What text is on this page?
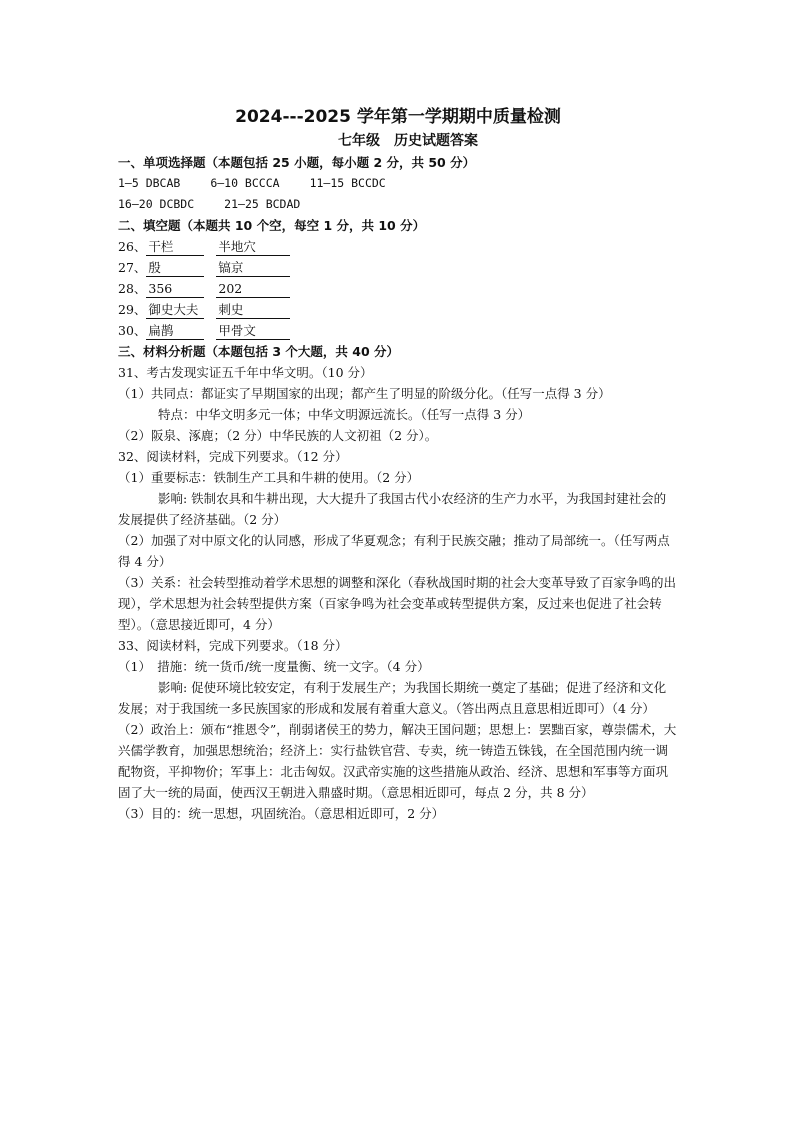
2024---2025 学年第一学期期中质量检测
七年级　历史试题答案
一、单项选择题（本题包括 25 小题，每小题 2 分，共 50 分）
1—5 DBCAB	6—10 BCCCA	11—15 BCCDC
16—20 DCBDC	21—25 BCDAD
二、填空题（本题共 10 个空，每空 1 分，共 10 分）
26、 干栏	半地穴
27、 殷	镐京
28、 356	202
29、 御史大夫 刺史
30、 扁鹊	甲骨文
三、材料分析题（本题包括 3 个大题，共 40 分）
31、考古发现实证五千年中华文明。（10 分）
（1）共同点：都证实了早期国家的出现；都产生了明显的阶级分化。（任写一点得 3 分）
特点：中华文明多元一体；中华文明源远流长。（任写一点得 3 分）
（2）阪泉、涿鹿；（2 分）中华民族的人文初祖（2 分）。
32、阅读材料，完成下列要求。（12 分）
（1）重要标志：铁制生产工具和牛耕的使用。（2 分）
影响: 铁制农具和牛耕出现，大大提升了我国古代小农经济的生产力水平，为我国封建社会的发展提供了经济基础。（2 分）
（2）加强了对中原文化的认同感，形成了华夏观念；有利于民族交融；推动了局部统一。（任写两点得 4 分）
（3）关系：社会转型推动着学术思想的调整和深化（春秋战国时期的社会大变革导致了百家争鸣的出现），学术思想为社会转型提供方案（百家争鸣为社会变革或转型提供方案，反过来也促进了社会转型）。（意思接近即可，4 分）
33、阅读材料，完成下列要求。（18 分）
（1）　措施：统一货币/统一度量衡、统一文字。（4 分）
影响: 促使环境比较安定，有利于发展生产；为我国长期统一奠定了基础；促进了经济和文化发展；对于我国统一多民族国家的形成和发展有着重大意义。（答出两点且意思相近即可）（4 分）
（2）政治上：颁布“推恩令”，削弱诸侯王的势力，解决王国问题；思想上：罢黜百家，尊崇儒术，大兴儒学教育，加强思想统治；经济上：实行盐铁官营、专卖，统一铸造五铢钱，在全国范围内统一调配物资，平抑物价；军事上：北击匈奴。汉武帝实施的这些措施从政治、经济、思想和军事等方面巩固了大一统的局面，使西汉王朝进入鼎盛时期。（意思相近即可，每点 2 分，共 8 分）
（3）目的：统一思想，巩固统治。（意思相近即可，2 分）
